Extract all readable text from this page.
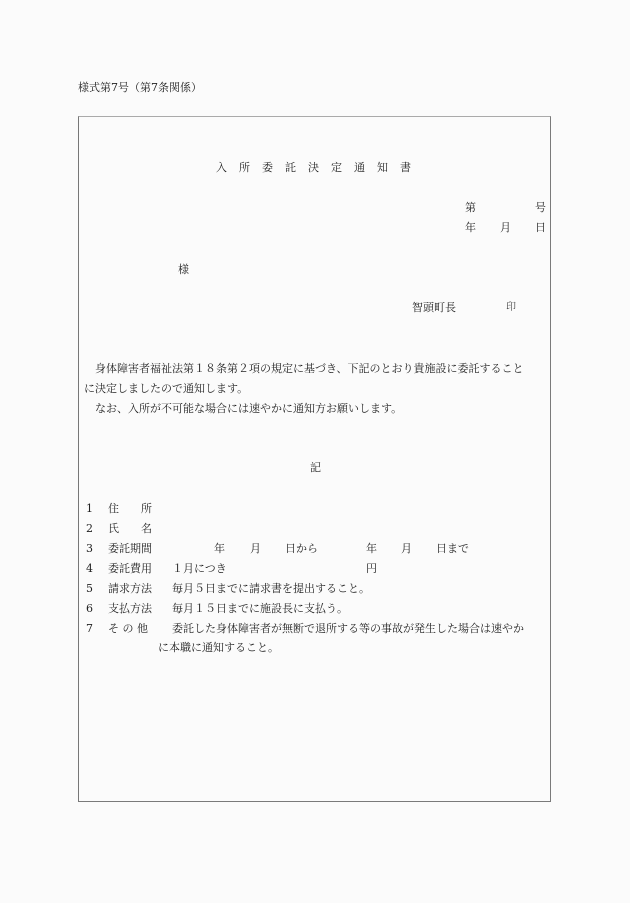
様式第7号（第7条関係）
入所委託決定通知書
第	号
年 月 日
様
智頭町長	印
身体障害者福祉法第１８条第２項の規定に基づき、下記のとおり貴施設に委託すること
に決定しましたので通知します。
なお、入所が不可能な場合には速やかに通知方お願いします。
記
1 住　　所
2 氏　　名
3 委託期間	年 月 日から	年 月 日まで
4 委託費用 １月につき	円
5 請求方法 毎月５日までに請求書を提出すること。
6 支払方法 毎月１５日までに施設長に支払う。
7 そ の 他 委託した身体障害者が無断で退所する等の事故が発生した場合は速やか
に本職に通知すること。
